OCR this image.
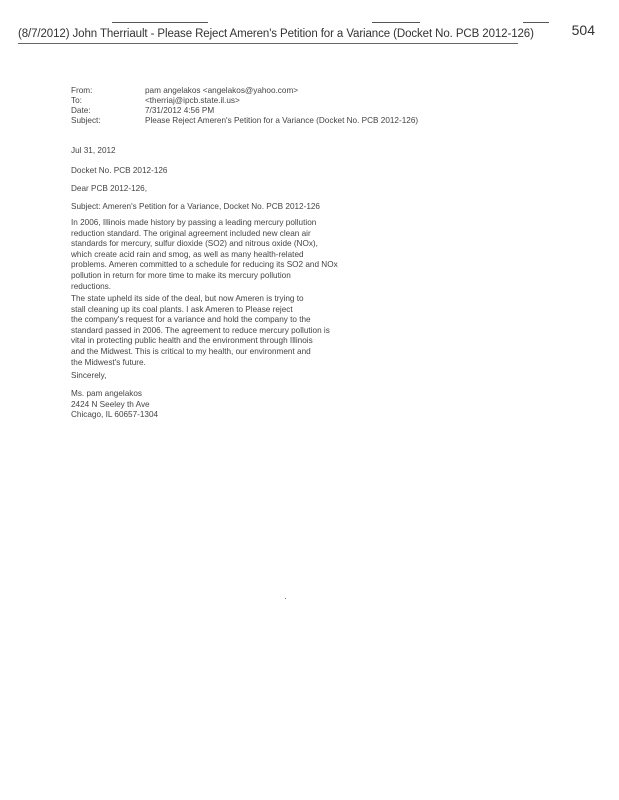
(8/7/2012) John Therriault - Please Reject Ameren's Petition for a Variance (Docket No. PCB 2012-126)	504
From:	pam angelakos <angelakos@yahoo.com>
To:	<therriaj@ipcb.state.il.us>
Date:	7/31/2012 4:56 PM
Subject:	Please Reject Ameren's Petition for a Variance (Docket No. PCB 2012-126)
Jul 31, 2012
Docket No. PCB 2012-126
Dear PCB 2012-126,
Subject: Ameren's Petition for a Variance, Docket No. PCB 2012-126
In 2006, Illinois made history by passing a leading mercury pollution
reduction standard. The original agreement included new clean air
standards for mercury, sulfur dioxide (SO2) and nitrous oxide (NOx),
which create acid rain and smog, as well as many health-related
problems. Ameren committed to a schedule for reducing its SO2 and NOx
pollution in return for more time to make its mercury pollution
reductions.
The state upheld its side of the deal, but now Ameren is trying to
stall cleaning up its coal plants. I ask Ameren to Please reject
the company's request for a variance and hold the company to the
standard passed in 2006. The agreement to reduce mercury pollution is
vital in protecting public health and the environment through Illinois
and the Midwest. This is critical to my health, our environment and
the Midwest's future.
Sincerely,
Ms. pam angelakos
2424 N Seeley th Ave
Chicago, IL 60657-1304
